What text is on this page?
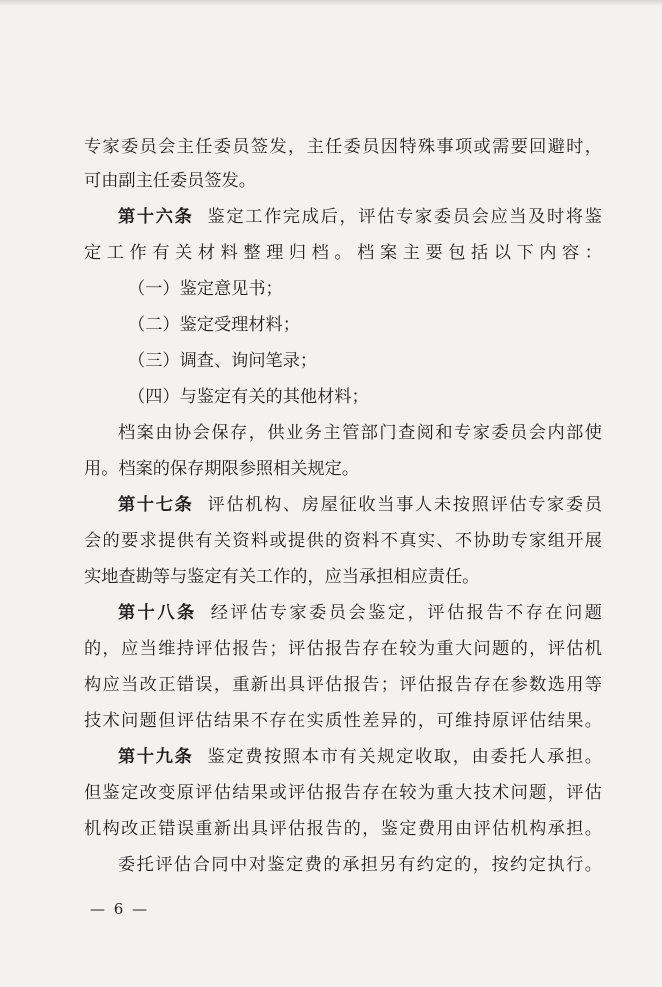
专家委员会主任委员签发，主任委员因特殊事项或需要回避时，
可由副主任委员签发。
第十六条 鉴定工作完成后，评估专家委员会应当及时将鉴
定工作有关材料整理归档。档案主要包括以下内容：
（一）鉴定意见书；
（二）鉴定受理材料；
（三）调查、询问笔录；
（四）与鉴定有关的其他材料；
档案由协会保存，供业务主管部门查阅和专家委员会内部使
用。档案的保存期限参照相关规定。
第十七条 评估机构、房屋征收当事人未按照评估专家委员
会的要求提供有关资料或提供的资料不真实、不协助专家组开展
实地查勘等与鉴定有关工作的，应当承担相应责任。
第十八条 经评估专家委员会鉴定，评估报告不存在问题
的，应当维持评估报告；评估报告存在较为重大问题的，评估机
构应当改正错误，重新出具评估报告；评估报告存在参数选用等
技术问题但评估结果不存在实质性差异的，可维持原评估结果。
第十九条 鉴定费按照本市有关规定收取，由委托人承担。
但鉴定改变原评估结果或评估报告存在较为重大技术问题，评估
机构改正错误重新出具评估报告的，鉴定费用由评估机构承担。
委托评估合同中对鉴定费的承担另有约定的，按约定执行。
— 6 —
